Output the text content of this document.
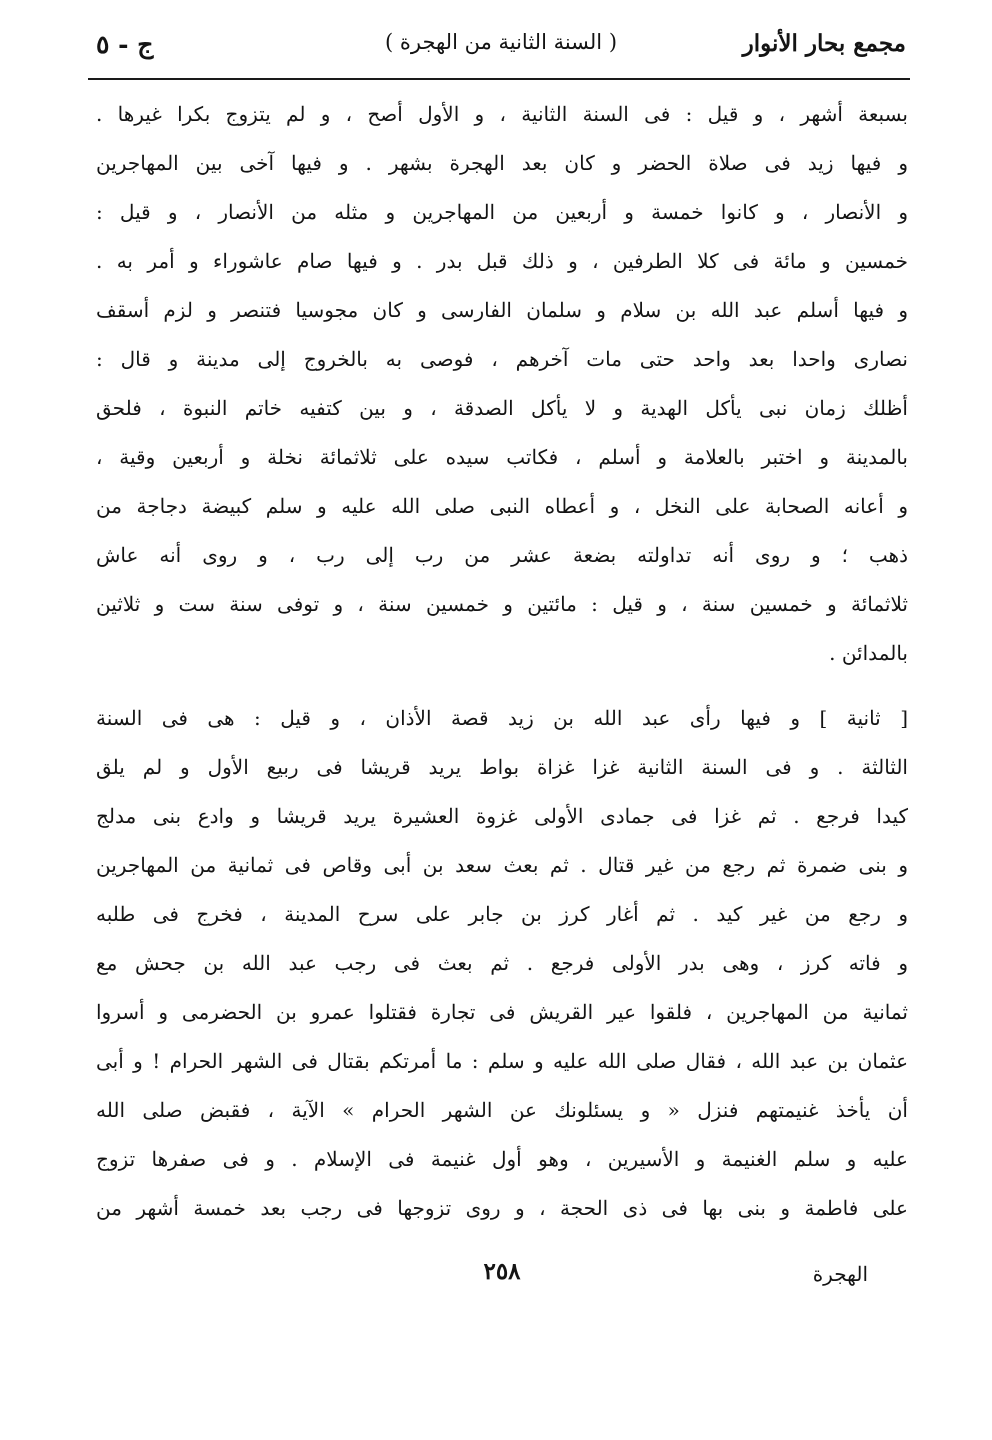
مجمع بحار الأنوار
( السنة الثانية من الهجرة )
ج - ٥
بسبعة أشهر ، و قيل : فى السنة الثانية ، و الأول أصح ، و لم يتزوج بكرا غيرها .
و فيها زيد فى صلاة الحضر و كان بعد الهجرة بشهر . و فيها آخى بين المهاجرين
و الأنصار ، و كانوا خمسة و أربعين من المهاجرين و مثله من الأنصار ، و قيل :
خمسين و مائة فى كلا الطرفين ، و ذلك قبل بدر . و فيها صام عاشوراء و أمر به .
و فيها أسلم عبد الله بن سلام و سلمان الفارسى و كان مجوسيا فتنصر و لزم أسقف
نصارى واحدا بعد واحد حتى مات آخرهم ، فوصى به بالخروج إلى مدينة و قال :
أظلك زمان نبى يأكل الهدية و لا يأكل الصدقة ، و بين كتفيه خاتم النبوة ، فلحق
بالمدينة و اختبر بالعلامة و أسلم ، فكاتب سيده على ثلاثمائة نخلة و أربعين وقية ،
و أعانه الصحابة على النخل ، و أعطاه النبى صلى الله عليه و سلم كبيضة دجاجة من
ذهب ؛ و روى أنه تداولته بضعة عشر من رب إلى رب ، و روى أنه عاش
ثلاثمائة و خمسين سنة ، و قيل : مائتين و خمسين سنة ، و توفى سنة ست و ثلاثين
بالمدائن .
[ ثانية ] و فيها رأى عبد الله بن زيد قصة الأذان ، و قيل : هى فى السنة
الثالثة . و فى السنة الثانية غزا غزاة بواط يريد قريشا فى ربيع الأول و لم يلق
كيدا فرجع . ثم غزا فى جمادى الأولى غزوة العشيرة يريد قريشا و وادع بنى مدلج
و بنى ضمرة ثم رجع من غير قتال . ثم بعث سعد بن أبى وقاص فى ثمانية من المهاجرين
و رجع من غير كيد . ثم أغار كرز بن جابر على سرح المدينة ، فخرج فى طلبه
و فاته كرز ، وهى بدر الأولى فرجع . ثم بعث فى رجب عبد الله بن جحش مع
ثمانية من المهاجرين ، فلقوا عير القريش فى تجارة فقتلوا عمرو بن الحضرمى و أسروا
عثمان بن عبد الله ، فقال صلى الله عليه و سلم : ما أمرتكم بقتال فى الشهر الحرام ! و أبى
أن يأخذ غنيمتهم فنزل « و يسئلونك عن الشهر الحرام » الآية ، فقبض صلى الله
عليه و سلم الغنيمة و الأسيرين ، وهو أول غنيمة فى الإسلام . و فى صفرها تزوج
على فاطمة و بنى بها فى ذى الحجة ، و روى تزوجها فى رجب بعد خمسة أشهر من
الهجرة
٢٥٨
